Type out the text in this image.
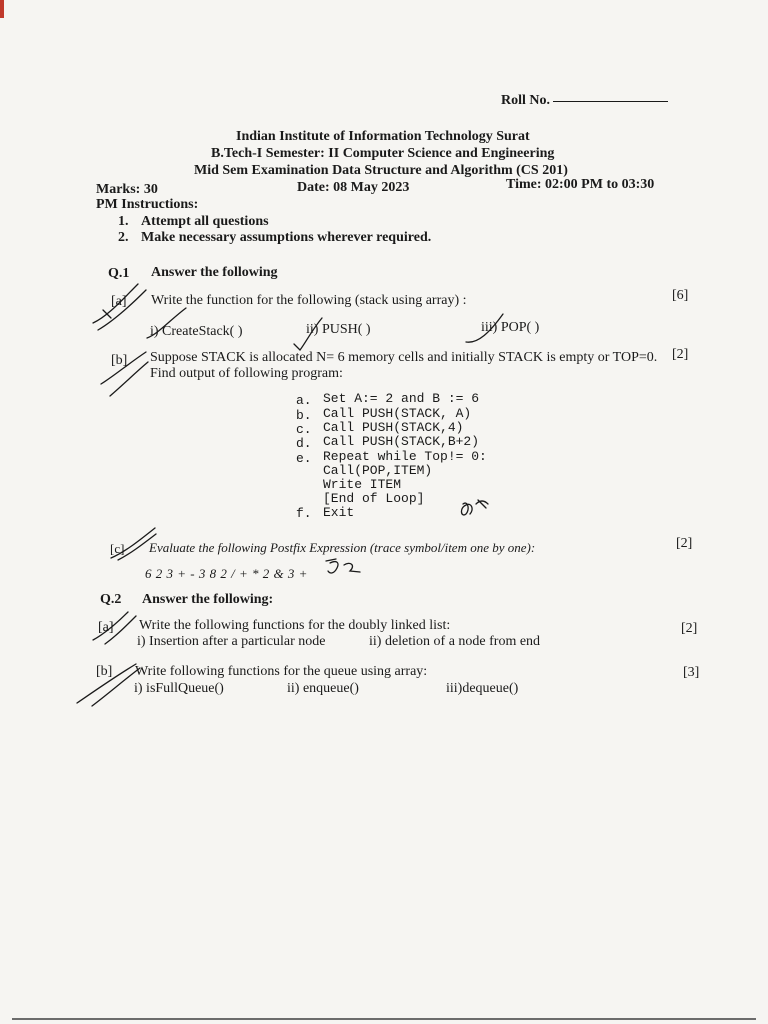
Roll No.
Indian Institute of Information Technology Surat
B.Tech-I Semester: II Computer Science and Engineering
Mid Sem Examination Data Structure and Algorithm (CS 201)
Marks: 30	Date: 08 May 2023	Time: 02:00 PM to 03:30
PM Instructions:
1. Attempt all questions
2. Make necessary assumptions wherever required.
Q.1 Answer the following
[a] Write the function for the following (stack using array) :	[6]
i) CreateStack( )	ii) PUSH( )	iii) POP( )
[b] Suppose STACK is allocated N= 6 memory cells and initially STACK is empty or TOP=0. [2]
Find output of following program:
a. Set A:= 2 and B := 6
b. Call PUSH(STACK, A)
c. Call PUSH(STACK,4)
d. Call PUSH(STACK,B+2)
e. Repeat while Top!= 0:
Call(POP,ITEM)
Write ITEM
[End of Loop]
f. Exit
[c] Evaluate the following Postfix Expression (trace symbol/item one by one):	[2]
6 2 3 + - 3 8 2 / + * 2 & 3 +
Q.2 Answer the following:
[a] Write the following functions for the doubly linked list:	[2]
i) Insertion after a particular node	ii) deletion of a node from end
[b] Write following functions for the queue using array:	[3]
i) isFullQueue()	ii) enqueue()	iii)dequeue()
